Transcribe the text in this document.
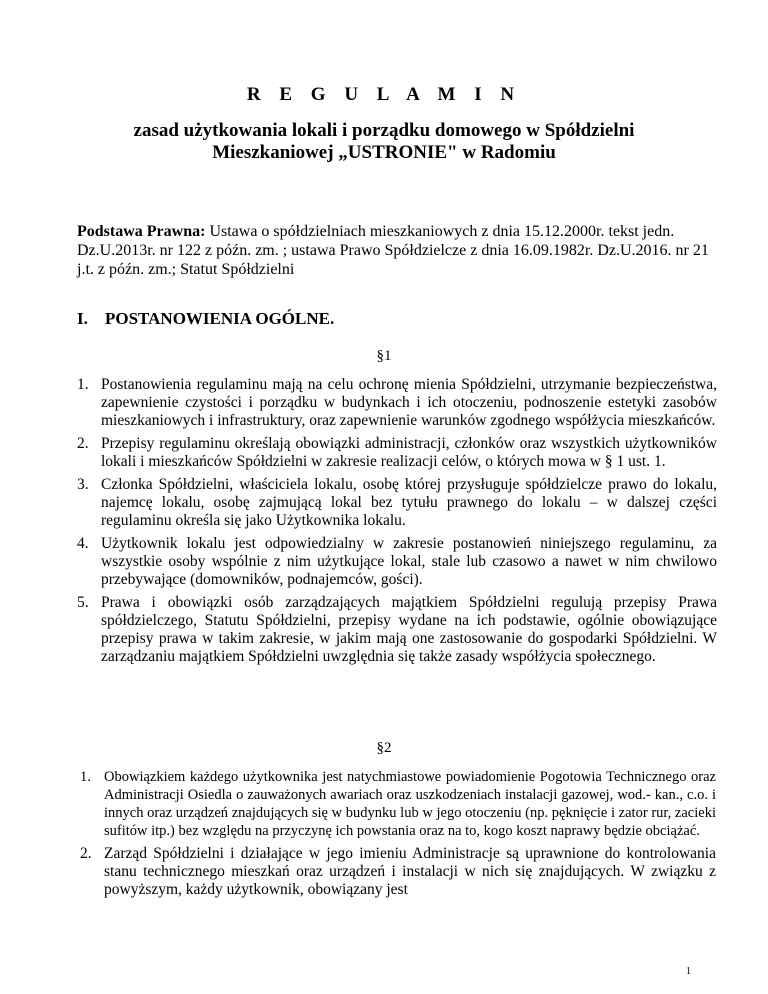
R E G U L A M I N
zasad użytkowania lokali i porządku domowego w Spółdzielni
Mieszkaniowej „USTRONIE" w Radomiu
Podstawa Prawna: Ustawa o spółdzielniach mieszkaniowych z dnia 15.12.2000r. tekst jedn. Dz.U.2013r. nr 122 z późn. zm. ; ustawa Prawo Spółdzielcze z dnia 16.09.1982r. Dz.U.2016. nr 21 j.t. z późn. zm.; Statut Spółdzielni
I. POSTANOWIENIA OGÓLNE.
§1
1. Postanowienia regulaminu mają na celu ochronę mienia Spółdzielni, utrzymanie bezpieczeństwa, zapewnienie czystości i porządku w budynkach i ich otoczeniu, podnoszenie estetyki zasobów mieszkaniowych i infrastruktury, oraz zapewnienie warunków zgodnego współżycia mieszkańców.
2. Przepisy regulaminu określają obowiązki administracji, członków oraz wszystkich użytkowników lokali i mieszkańców Spółdzielni w zakresie realizacji celów, o których mowa w § 1 ust. 1.
3. Członka Spółdzielni, właściciela lokalu, osobę której przysługuje spółdzielcze prawo do lokalu, najemcę lokalu, osobę zajmującą lokal bez tytułu prawnego do lokalu – w dalszej części regulaminu określa się jako Użytkownika lokalu.
4. Użytkownik lokalu jest odpowiedzialny w zakresie postanowień niniejszego regulaminu, za wszystkie osoby wspólnie z nim użytkujące lokal, stale lub czasowo a nawet w nim chwilowo przebywające (domowników, podnajemców, gości).
5. Prawa i obowiązki osób zarządzających majątkiem Spółdzielni regulują przepisy Prawa spółdzielczego, Statutu Spółdzielni, przepisy wydane na ich podstawie, ogólnie obowiązujące przepisy prawa w takim zakresie, w jakim mają one zastosowanie do gospodarki Spółdzielni. W zarządzaniu majątkiem Spółdzielni uwzględnia się także zasady współżycia społecznego.
§2
1. Obowiązkiem każdego użytkownika jest natychmiastowe powiadomienie Pogotowia Technicznego oraz Administracji Osiedla o zauważonych awariach oraz uszkodzeniach instalacji gazowej, wod.- kan., c.o. i innych oraz urządzeń znajdujących się w budynku lub w jego otoczeniu (np. pęknięcie i zator rur, zacieki sufitów itp.) bez względu na przyczynę ich powstania oraz na to, kogo koszt naprawy będzie obciążać.
2. Zarząd Spółdzielni i działające w jego imieniu Administracje są uprawnione do kontrolowania stanu technicznego mieszkań oraz urządzeń i instalacji w nich się znajdujących. W związku z powyższym, każdy użytkownik, obowiązany jest
1
